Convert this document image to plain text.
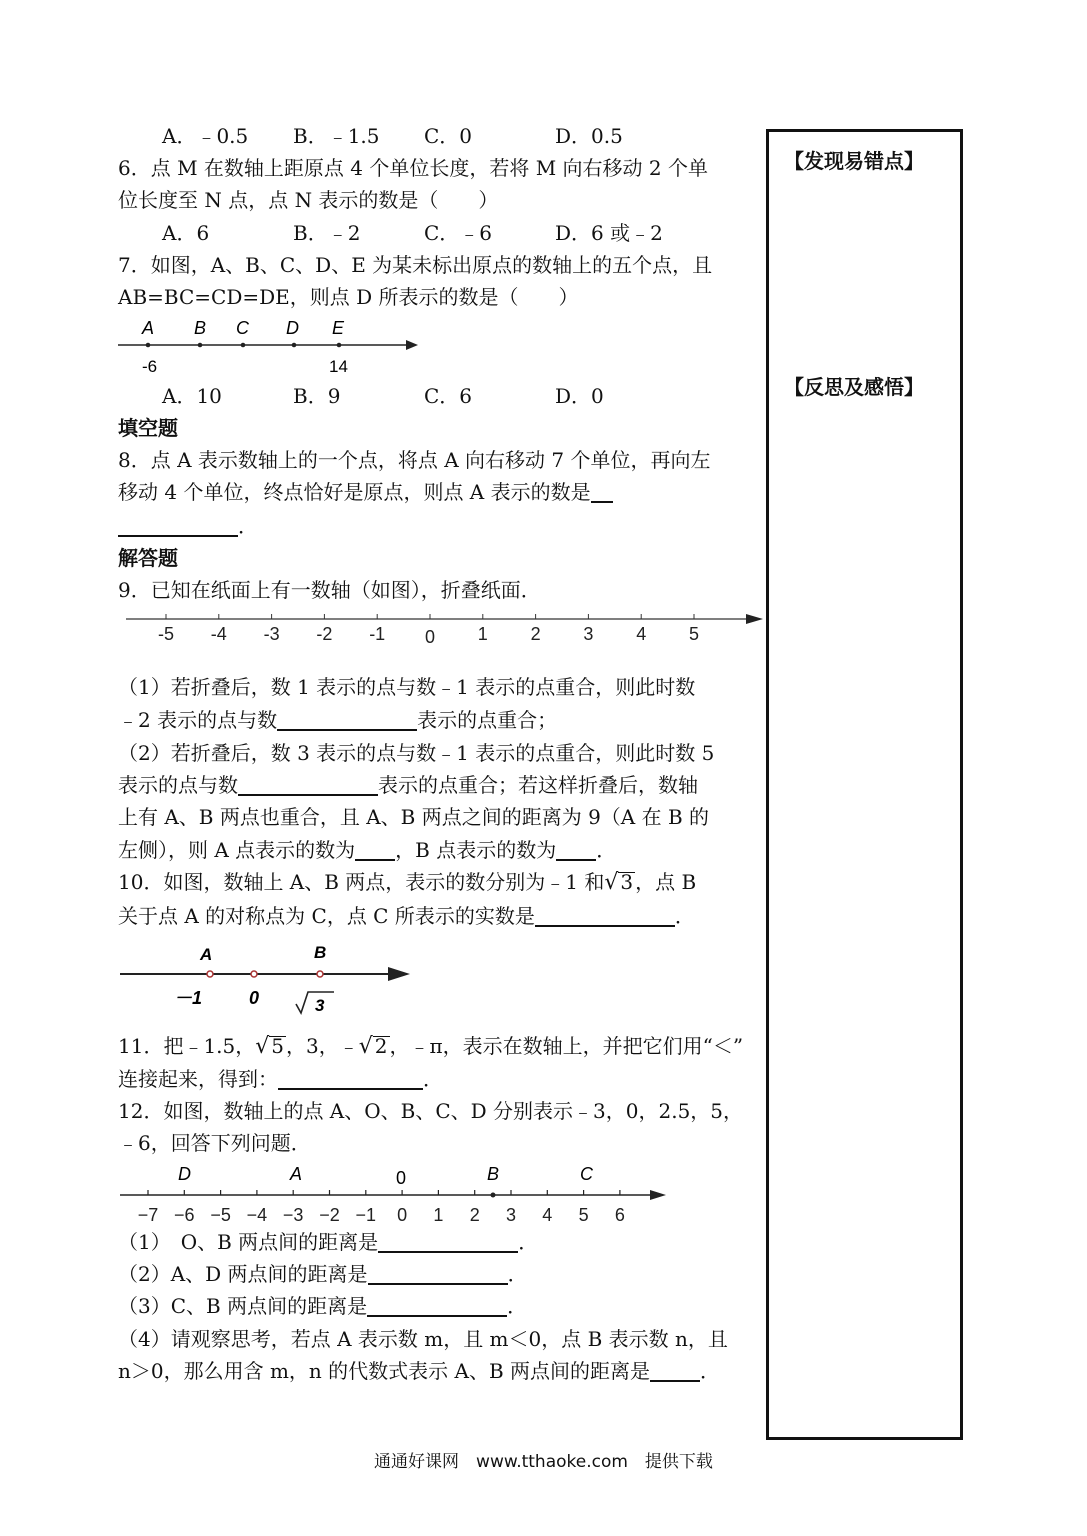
A．﹣0.5 B．﹣1.5 C．0	D．0.5
6．点 M 在数轴上距原点 4 个单位长度，若将 M 向右移动 2 个单
位长度至 N 点，点 N 表示的数是（　　）
A．6	B．﹣2	C．﹣6	D．6 或﹣2
7．如图，A、B、C、D、E 为某未标出原点的数轴上的五个点，且
AB=BC=CD=DE，则点 D 所表示的数是（　　）
A B C D E
-6	14
A．10	B．9	C．6	D．0
填空题
8．点 A 表示数轴上的一个点，将点 A 向右移动 7 个单位，再向左
移动 4 个单位，终点恰好是原点，则点 A 表示的数是
．
解答题
9．已知在纸面上有一数轴（如图），折叠纸面．
-5 -4 -3 -2 -1 0 1 2 3 4 5
（1）若折叠后，数 1 表示的点与数﹣1 表示的点重合，则此时数
﹣2 表示的点与数	表示的点重合；
（2）若折叠后，数 3 表示的点与数﹣1 表示的点重合，则此时数 5
表示的点与数	表示的点重合；若这样折叠后，数轴
上有 A、B 两点也重合，且 A、B 两点之间的距离为 9（A 在 B 的
左侧），则 A 点表示的数为 ，B 点表示的数为 ．
10．如图，数轴上 A、B 两点，表示的数分别为﹣1 和√ 3 ，点 B
关于点 A 的对称点为 C，点 C 所表示的实数是	．
A	B
－1	0	3
11．把﹣1.5，√ 5 ，3，﹣√ 2 ，﹣π，表示在数轴上，并把它们用“＜”
连接起来，得到：	．
12．如图，数轴上的点 A、O、B、C、D 分别表示﹣3，0，2.5，5，
﹣6，回答下列问题．
D	A	0	B	C
−7 −6 −5 −4 −3 −2 −1 0 1 2 3 4 5 6
（1）　O、B 两点间的距离是	．
（2）A、D 两点间的距离是	．
（3）C、B 两点间的距离是	．
（4）请观察思考，若点 A 表示数 m，且 m＜0，点 B 表示数 n，且
n＞0，那么用含 m，n 的代数式表示 A、B 两点间的距离是	．
【发现易错点】
【反思及感悟】
通通好课网　www.tthaoke.com　提供下载
